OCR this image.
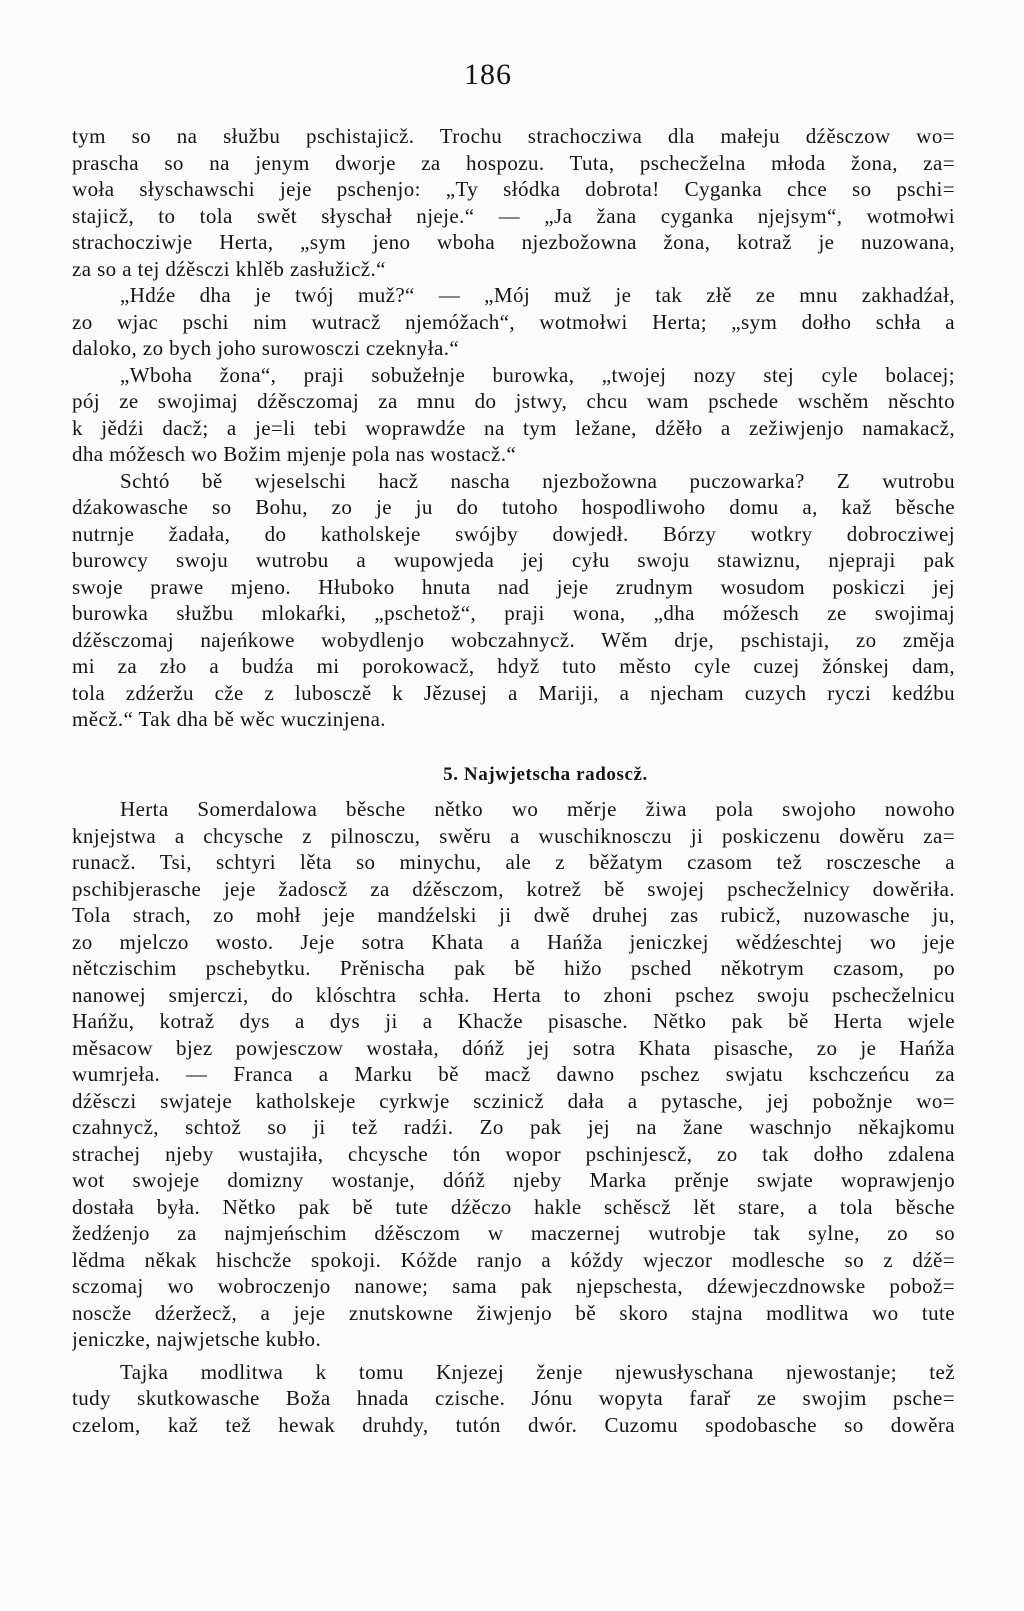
186
tym so na słužbu pschistajicž. Trochu strachocziwa dla małeju dźěsczow wo=
prascha so na jenym dworje za hospozu. Tuta, pschecželna młoda žona, za=
woła słyschawschi jeje pschenjo: „Ty słódka dobrota! Cyganka chce so pschi=
stajicž, to tola swět słyschał njeje.“ — „Ja žana cyganka njejsym“, wotmołwi
strachocziwje Herta, „sym jeno wboha njezbožowna žona, kotraž je nuzowana,
za so a tej dźěsczi khlěb zasłužicž.“
„Hdźe dha je twój muž?“ — „Mój muž je tak złě ze mnu zakhadźał,
zo wjac pschi nim wutracž njemóžach“, wotmołwi Herta; „sym dołho schła a
daloko, zo bych joho surowosczi czeknyła.“
„Wboha žona“, praji sobužełnje burowka, „twojej nozy stej cyle bolacej;
pój ze swojimaj dźěsczomaj za mnu do jstwy, chcu wam pschede wschěm něschto
k jědźi dacž; a je=li tebi woprawdźe na tym ležane, dźěło a zežiwjenjo namakacž,
dha móžesch wo Božim mjenje pola nas wostacž.“
Schtó bě wjeselschi hacž nascha njezbožowna puczowarka? Z wutrobu
dźakowasche so Bohu, zo je ju do tutoho hospodliwoho domu a, kaž běsche
nutrnje žadała, do katholskeje swójby dowjedł. Bórzy wotkry dobrocziwej
burowcy swoju wutrobu a wupowjeda jej cyłu swoju stawiznu, njepraji pak
swoje prawe mjeno. Hłuboko hnuta nad jeje zrudnym wosudom poskiczi jej
burowka słužbu mlokaŕki, „pschetož“, praji wona, „dha móžesch ze swojimaj
dźěsczomaj najeńkowe wobydlenjo wobczahnycž. Wěm drje, pschistaji, zo změja
mi za zło a budźa mi porokowacž, hdyž tuto město cyle cuzej žónskej dam,
tola zdźeržu cže z lubosczě k Jězusej a Mariji, a njecham cuzych ryczi kedźbu
měcž.“ Tak dha bě wěc wuczinjena.
5. Najwjetscha radoscž.
Herta Somerdalowa běsche nětko wo měrje žiwa pola swojoho nowoho
knjejstwa a chcysche z pilnosczu, swěru a wuschiknosczu ji poskiczenu dowěru za=
runacž. Tsi, schtyri lěta so minychu, ale z běžatym czasom tež rosczesche a
pschibjerasche jeje žadoscž za dźěsczom, kotrež bě swojej pschecželnicy dowěriła.
Tola strach, zo mohł jeje mandźelski ji dwě druhej zas rubicž, nuzowasche ju,
zo mjelczo wosto. Jeje sotra Khata a Hańža jeniczkej wědźeschtej wo jeje
nětczischim pschebytku. Prěnischa pak bě hižo psched někotrym czasom, po
nanowej smjerczi, do klóschtra schła. Herta to zhoni pschez swoju pschecželnicu
Hańžu, kotraž dys a dys ji a Khacže pisasche. Nětko pak bě Herta wjele
měsacow bjez powjesczow wostała, dóńž jej sotra Khata pisasche, zo je Hańža
wumrjeła. — Franca a Marku bě macž dawno pschez swjatu kschczeńcu za
dźěsczi swjateje katholskeje cyrkwje sczinicž dała a pytasche, jej pobožnje wo=
czahnycž, schtož so ji tež radźi. Zo pak jej na žane waschnjo někajkomu
strachej njeby wustajiła, chcysche tón wopor pschinjescž, zo tak dołho zdalena
wot swojeje domizny wostanje, dóńž njeby Marka prěnje swjate woprawjenjo
dostała była. Nětko pak bě tute dźěczo hakle schěscž lět stare, a tola běsche
žedźenjo za najmjeńschim dźěsczom w maczernej wutrobje tak sylne, zo so
lědma někak hischcže spokoji. Kóžde ranjo a kóždy wjeczor modlesche so z dźě=
sczomaj wo wobroczenjo nanowe; sama pak njepschesta, dźewjeczdnowske pobož=
noscže dźeržecž, a jeje znutskowne žiwjenjo bě skoro stajna modlitwa wo tute
jeniczke, najwjetsche kubło.
Tajka modlitwa k tomu Knjezej ženje njewusłyschana njewostanje; tež
tudy skutkowasche Boža hnada czische. Jónu wopyta farař ze swojim psche=
czelom, kaž tež hewak druhdy, tutón dwór. Cuzomu spodobasche so dowěra
